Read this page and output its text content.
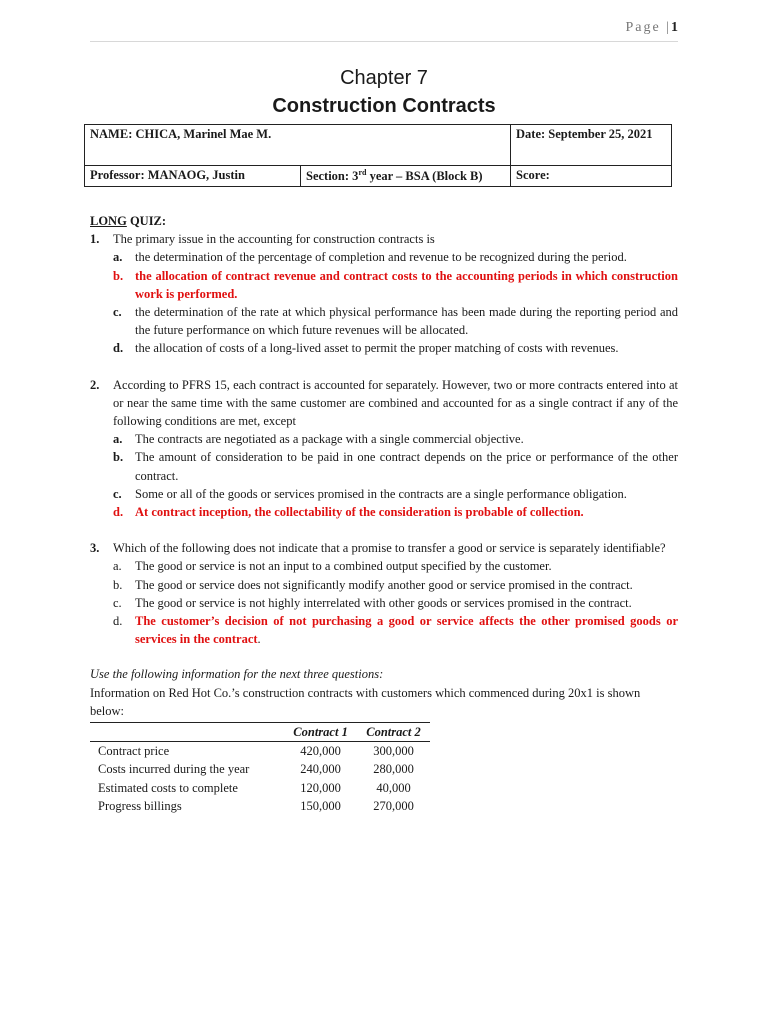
Page |1
Chapter 7
Construction Contracts
NAME: CHICA, Marinel Mae M.		Date: September 25, 2021
Professor: MANAOG, Justin	Section: 3rd year – BSA (Block B)	Score:
LONG QUIZ:
1.	The primary issue in the accounting for construction contracts is
a.	the determination of the percentage of completion and revenue to be recognized during the period.
b. the allocation of contract revenue and contract costs to the accounting periods in which construction work is performed.
c.	the determination of the rate at which physical performance has been made during the reporting period and the future performance on which future revenues will be allocated.
d. the allocation of costs of a long-lived asset to permit the proper matching of costs with revenues.
2.	According to PFRS 15, each contract is accounted for separately. However, two or more contracts entered into at or near the same time with the same customer are combined and accounted for as a single contract if any of the following conditions are met, except
a.	The contracts are negotiated as a package with a single commercial objective.
b. The amount of consideration to be paid in one contract depends on the price or performance of the other contract.
c.	Some or all of the goods or services promised in the contracts are a single performance obligation.
d. At contract inception, the collectability of the consideration is probable of collection.
3.	Which of the following does not indicate that a promise to transfer a good or service is separately identifiable?
a.	The good or service is not an input to a combined output specified by the customer.
b.	The good or service does not significantly modify another good or service promised in the contract.
c.	The good or service is not highly interrelated with other goods or services promised in the contract.
d.	The customer’s decision of not purchasing a good or service affects the other promised goods or services in the contract.
Use the following information for the next three questions:
Information on Red Hot Co.’s construction contracts with customers which commenced during 20x1 is shown below:
	Contract 1	Contract 2
Contract price	420,000	300,000
Costs incurred during the year	240,000	280,000
Estimated costs to complete	120,000	40,000
Progress billings	150,000	270,000
